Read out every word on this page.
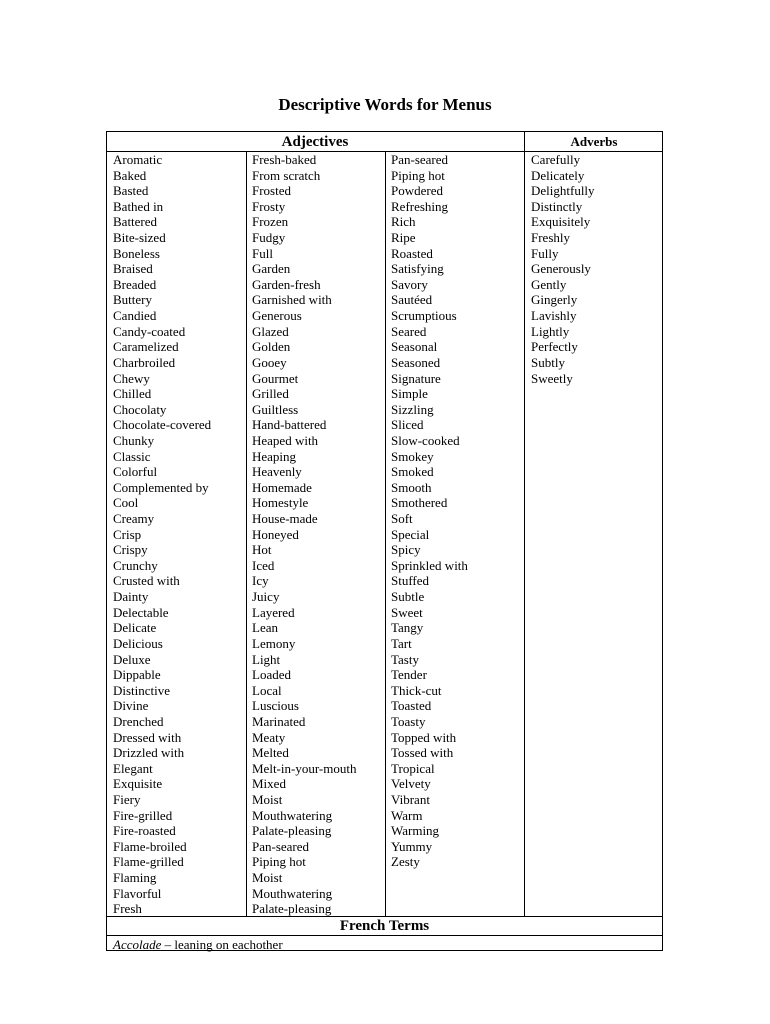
Descriptive Words for Menus
Adjectives	Adverbs
French Terms
Aromatic
Baked
Basted
Bathed in
Battered
Bite-sized
Boneless
Braised
Breaded
Buttery
Candied
Candy-coated
Caramelized
Charbroiled
Chewy
Chilled
Chocolaty
Chocolate-covered
Chunky
Classic
Colorful
Complemented by
Cool
Creamy
Crisp
Crispy
Crunchy
Crusted with
Dainty
Delectable
Delicate
Delicious
Deluxe
Dippable
Distinctive
Divine
Drenched
Dressed with
Drizzled with
Elegant
Exquisite
Fiery
Fire-grilled
Fire-roasted
Flame-broiled
Flame-grilled
Flaming
Flavorful
Fresh
Fresh-baked
From scratch
Frosted
Frosty
Frozen
Fudgy
Full
Garden
Garden-fresh
Garnished with
Generous
Glazed
Golden
Gooey
Gourmet
Grilled
Guiltless
Hand-battered
Heaped with
Heaping
Heavenly
Homemade
Homestyle
House-made
Honeyed
Hot
Iced
Icy
Juicy
Layered
Lean
Lemony
Light
Loaded
Local
Luscious
Marinated
Meaty
Melted
Melt-in-your-mouth
Mixed
Moist
Mouthwatering
Palate-pleasing
Pan-seared
Piping hot
Moist
Mouthwatering
Palate-pleasing
Pan-seared
Piping hot
Powdered
Refreshing
Rich
Ripe
Roasted
Satisfying
Savory
Sautéed
Scrumptious
Seared
Seasonal
Seasoned
Signature
Simple
Sizzling
Sliced
Slow-cooked
Smokey
Smoked
Smooth
Smothered
Soft
Special
Spicy
Sprinkled with
Stuffed
Subtle
Sweet
Tangy
Tart
Tasty
Tender
Thick-cut
Toasted
Toasty
Topped with
Tossed with
Tropical
Velvety
Vibrant
Warm
Warming
Yummy
Zesty
Carefully
Delicately
Delightfully
Distinctly
Exquisitely
Freshly
Fully
Generously
Gently
Gingerly
Lavishly
Lightly
Perfectly
Subtly
Sweetly
Accolade – leaning on eachother
